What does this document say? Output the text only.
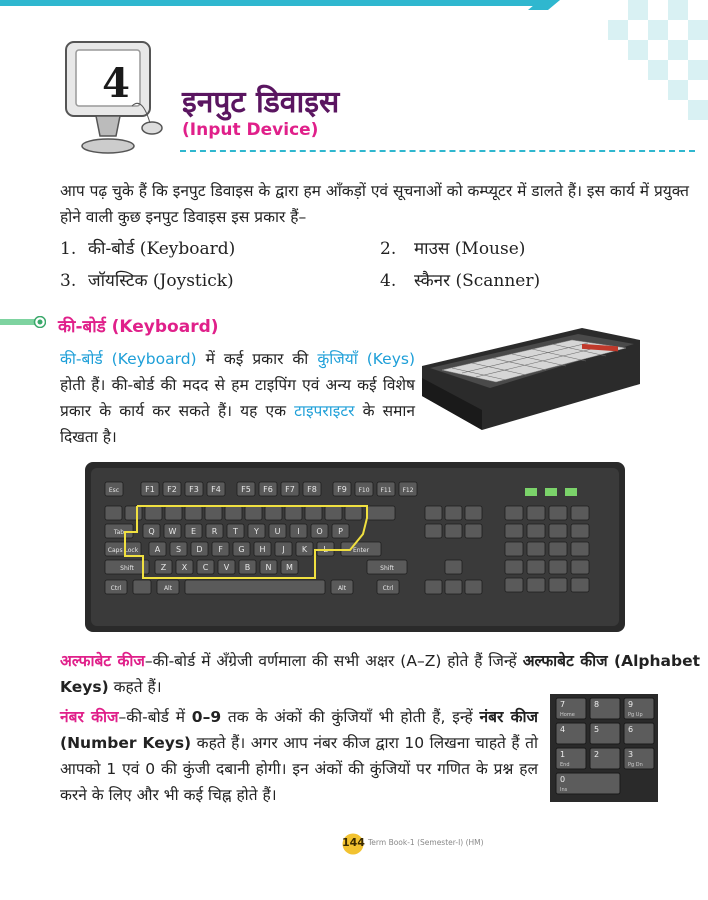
4 इनपुट डिवाइस
(Input Device)

आप पढ़ चुके हैं कि इनपुट डिवाइस के द्वारा हम आँकड़ों एवं सूचनाओं को कम्प्यूटर में डालते हैं। इस कार्य में प्रयुक्त होने वाली कुछ इनपुट डिवाइस इस प्रकार हैं–

1. की-बोर्ड (Keyboard)	2. माउस (Mouse)
3. जॉयस्टिक (Joystick)	4. स्कैनर (Scanner)
की-बोर्ड (Keyboard)

की-बोर्ड (Keyboard) में कई प्रकार की कुंजियाँ (Keys) होती हैं। की-बोर्ड की मदद से हम टाइपिंग एवं अन्य कई विशेष प्रकार के कार्य कर सकते हैं। यह एक टाइपराइटर के समान दिखता है।

Esc	F1 F2 F3 F4	F5 F6 F7 F8	F9 F10 F11 F12
Tab	Q W E R T Y U I O P
Caps Lock A S D F G H J K L	Enter
Shift	Z X C V B N M	Shift
Ctrl	Alt	Alt	Ctrl

अल्फाबेट कीज–की-बोर्ड में अँग्रेजी वर्णमाला की सभी अक्षर (A–Z) होते हैं जिन्हें अल्फाबेट कीज (Alphabet Keys) कहते हैं।

नंबर कीज–की-बोर्ड में 0–9 तक के अंकों की कुंजियाँ भी होती हैं, इन्हें नंबर कीज (Number Keys) कहते हैं। अगर आप नंबर कीज द्वारा 10 लिखना चाहते हैं तो आपको 1 एवं 0 की कुंजी दबानी होगी। इन अंकों की कुंजियों पर गणित के प्रश्न हल करने के लिए और भी कई चिह्न होते हैं।

7
Home
8	9
Pg Up
4	5	6
1
End
2	3
Pg Dn
0
Ins
144 Term Book-1 (Semester-I) (HM)
